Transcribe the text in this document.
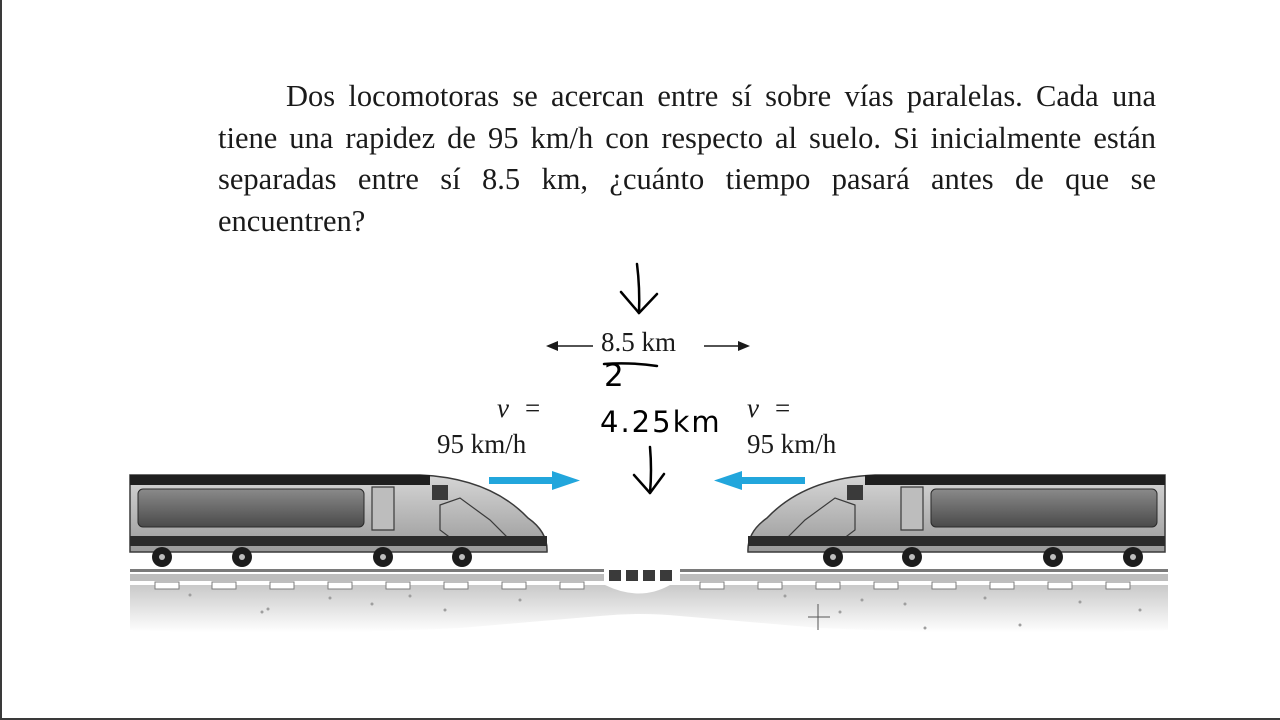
Dos locomotoras se acercan entre sí sobre vías paralelas. Cada una tiene una rapidez de 95 km/h con respecto al suelo. Si inicialmente están separadas entre sí 8.5 km, ¿cuánto tiempo pasará antes de que se encuentren?

8.5 km
v =
95 km/h
v =
95 km/h
2
4.25km
